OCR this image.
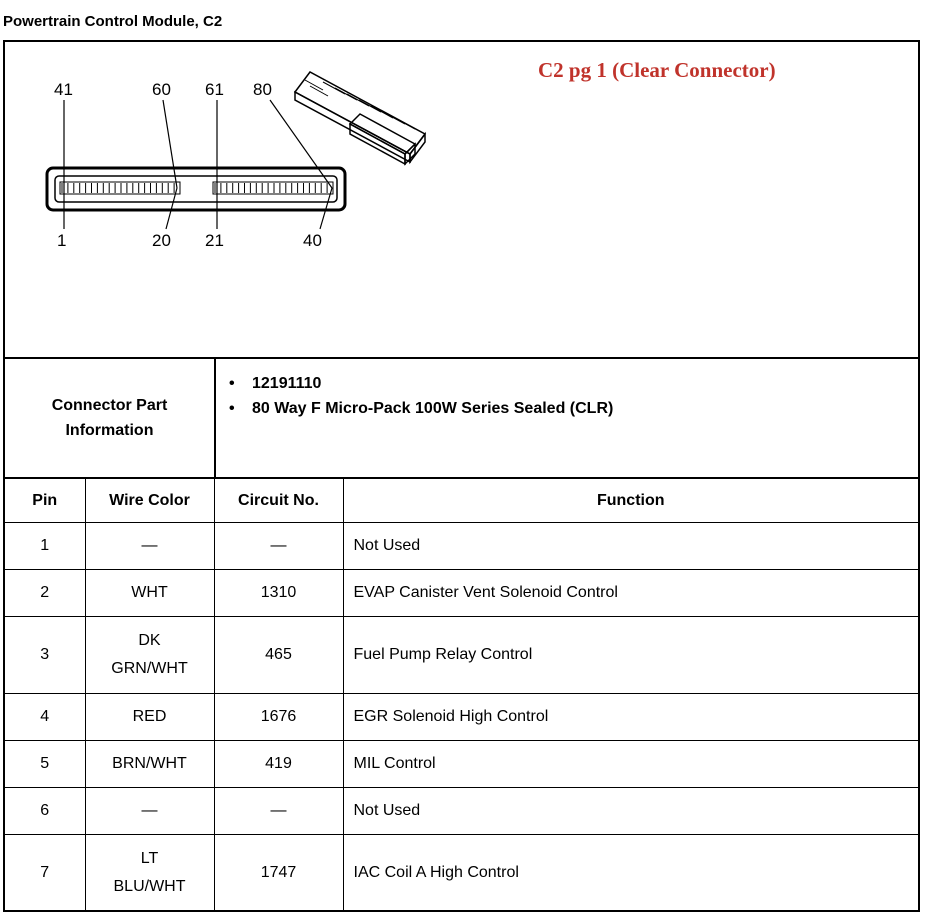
Powertrain Control Module, C2
41	60 61 80
1	20 21	40
C2 pg 1 (Clear Connector)
Connector Part
Information
• 12191110
• 80 Way F Micro-Pack 100W Series Sealed (CLR)
Pin	Wire Color	Circuit No.	Function
1	—	—	Not Used
2	WHT	1310	EVAP Canister Vent Solenoid Control
3	DK
GRN/WHT	465	Fuel Pump Relay Control
4	RED	1676	EGR Solenoid High Control
5	BRN/WHT	419	MIL Control
6	—	—	Not Used
7	LT
BLU/WHT	1747	IAC Coil A High Control
